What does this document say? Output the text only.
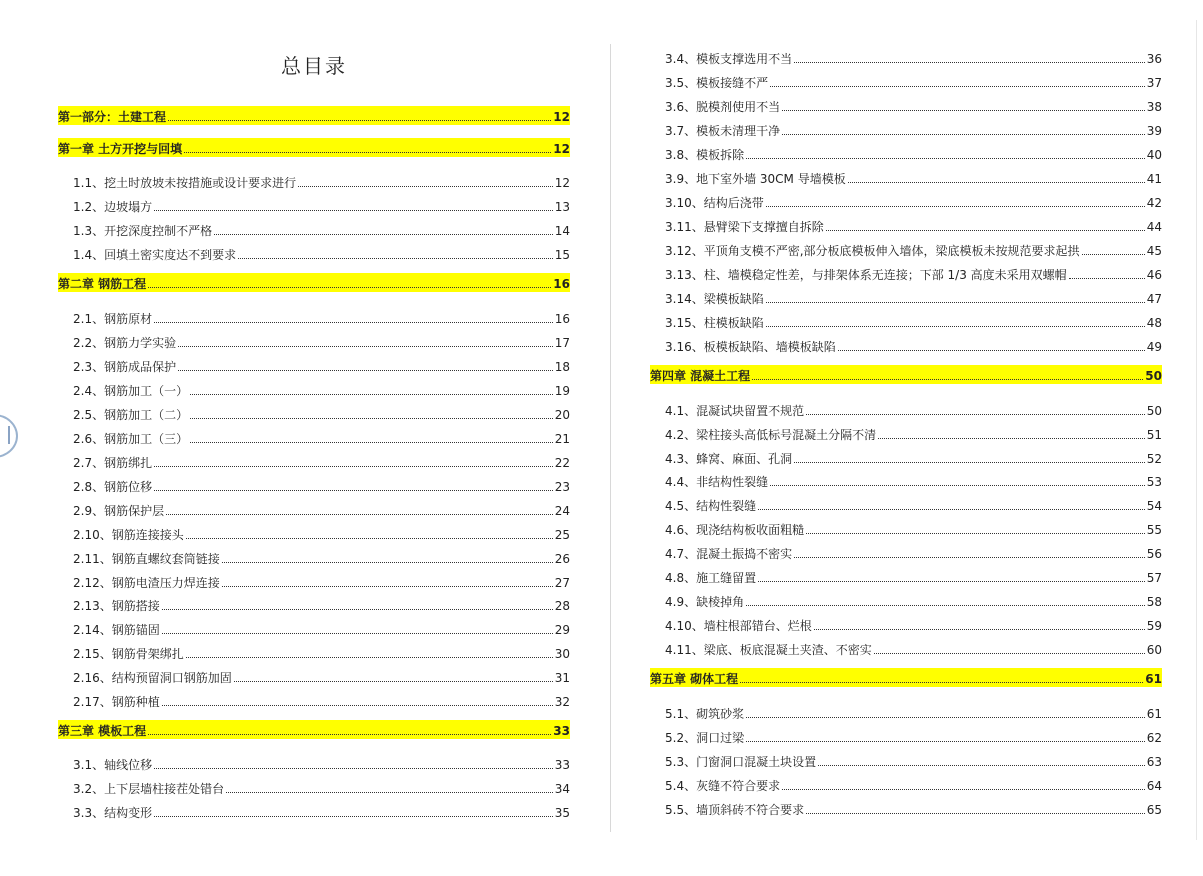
总目录
第一部分：土建工程	12
第一章 土方开挖与回填	12
1.1、挖土时放坡未按措施或设计要求进行	12
1.2、边坡塌方	13
1.3、开挖深度控制不严格	14
1.4、回填土密实度达不到要求	15
第二章 钢筋工程	16
2.1、钢筋原材	16
2.2、钢筋力学实验	17
2.3、钢筋成品保护	18
2.4、钢筋加工（一）	19
2.5、钢筋加工（二）	20
2.6、钢筋加工（三）	21
2.7、钢筋绑扎	22
2.8、钢筋位移	23
2.9、钢筋保护层	24
2.10、钢筋连接接头	25
2.11、钢筋直螺纹套筒链接	26
2.12、钢筋电渣压力焊连接	27
2.13、钢筋搭接	28
2.14、钢筋锚固	29
2.15、钢筋骨架绑扎	30
2.16、结构预留洞口钢筋加固	31
2.17、钢筋种植	32
第三章 模板工程	33
3.1、轴线位移	33
3.2、上下层墙柱接茬处错台	34
3.3、结构变形	35
3.4、模板支撑选用不当	36
3.5、模板接缝不严	37
3.6、脱模剂使用不当	38
3.7、模板未清理干净	39
3.8、模板拆除	40
3.9、地下室外墙 30CM 导墙模板	41
3.10、结构后浇带	42
3.11、悬臂梁下支撑擅自拆除	44
3.12、平顶角支模不严密,部分板底模板伸入墙体，梁底模板未按规范要求起拱	45
3.13、柱、墙模稳定性差，与排架体系无连接；下部 1/3 高度未采用双螺帽	46
3.14、梁模板缺陷	47
3.15、柱模板缺陷	48
3.16、板模板缺陷、墙模板缺陷	49
第四章 混凝土工程	50
4.1、混凝试块留置不规范	50
4.2、梁柱接头高低标号混凝土分隔不清	51
4.3、蜂窝、麻面、孔洞	52
4.4、非结构性裂缝	53
4.5、结构性裂缝	54
4.6、现浇结构板收面粗糙	55
4.7、混凝土振捣不密实	56
4.8、施工缝留置	57
4.9、缺棱掉角	58
4.10、墙柱根部错台、烂根	59
4.11、梁底、板底混凝土夹渣、不密实	60
第五章 砌体工程	61
5.1、砌筑砂浆	61
5.2、洞口过梁	62
5.3、门窗洞口混凝土块设置	63
5.4、灰缝不符合要求	64
5.5、墙顶斜砖不符合要求	65
